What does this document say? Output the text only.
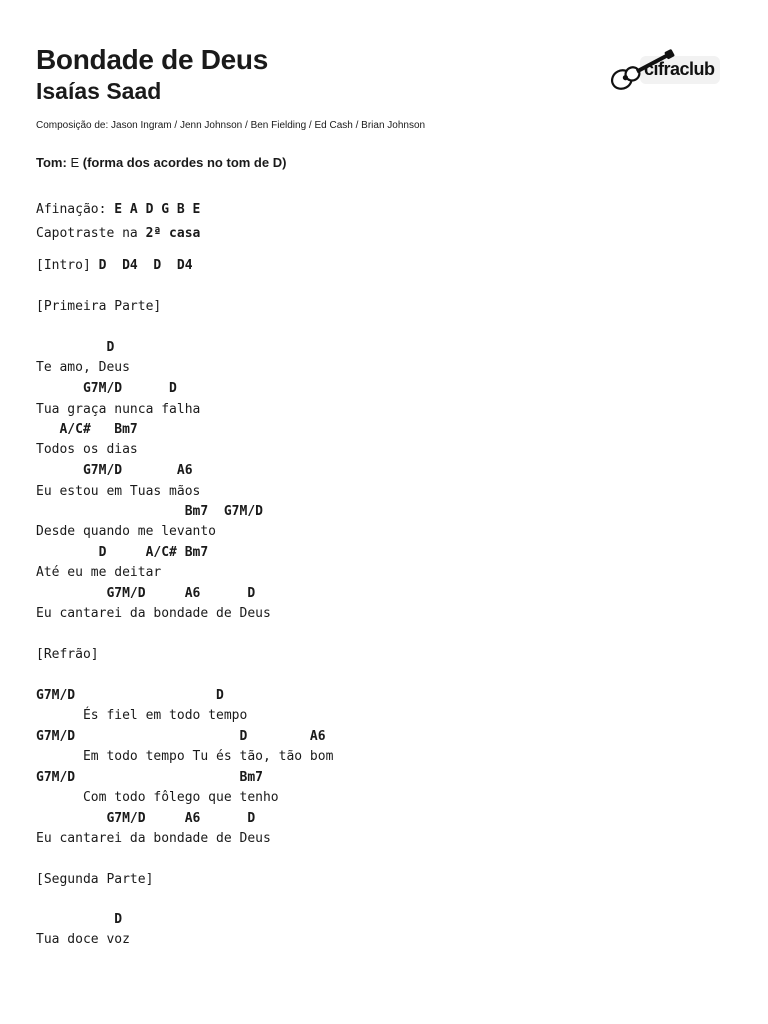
Bondade de Deus
Isaías Saad
Composição de: Jason Ingram / Jenn Johnson / Ben Fielding / Ed Cash / Brian Johnson
Tom: E (forma dos acordes no tom de D)
cifraclub
Afinação: E A D G B E
Capotraste na 2ª casa
[Intro] D  D4  D  D4
[Primeira Parte]
D
Te amo, Deus
G7M/D      D
Tua graça nunca falha
A/C#   Bm7
Todos os dias
G7M/D       A6
Eu estou em Tuas mãos
Bm7  G7M/D
Desde quando me levanto
D     A/C# Bm7
Até eu me deitar
G7M/D     A6      D
Eu cantarei da bondade de Deus
[Refrão]
G7M/D                  D
És fiel em todo tempo
G7M/D                     D        A6
Em todo tempo Tu és tão, tão bom
G7M/D                     Bm7
Com todo fôlego que tenho
G7M/D     A6      D
Eu cantarei da bondade de Deus
[Segunda Parte]
D
Tua doce voz
